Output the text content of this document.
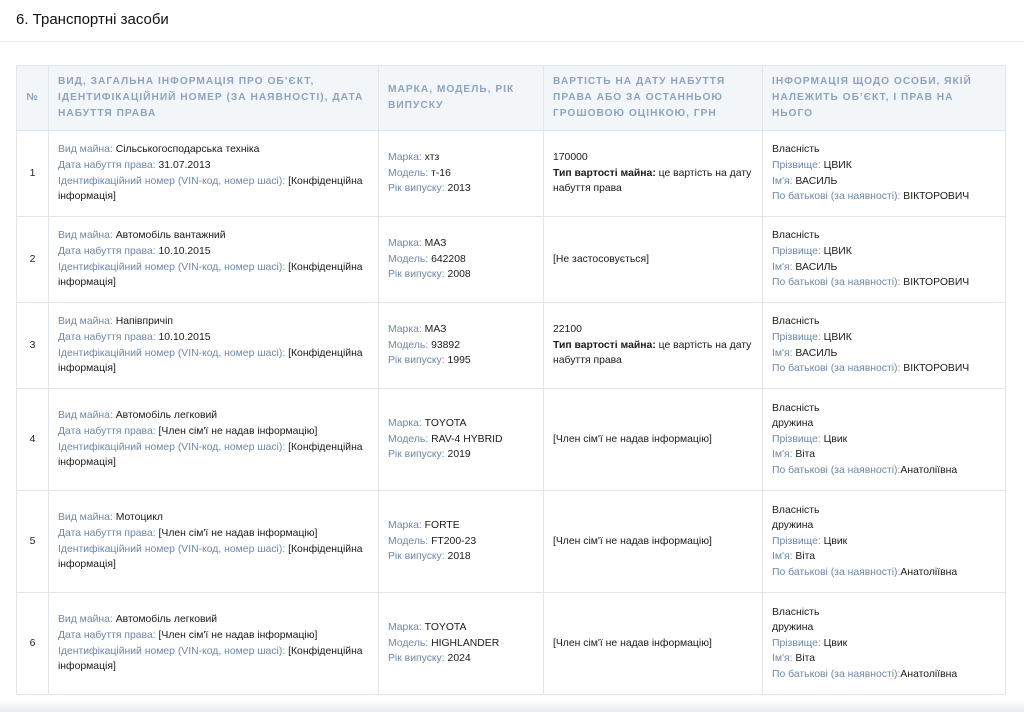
6. Транспортні засоби
№	ВИД, ЗАГАЛЬНА ІНФОРМАЦІЯ ПРО ОБ’ЄКТ, ІДЕНТИФІКАЦІЙНИЙ НОМЕР (ЗА НАЯВНОСТІ), ДАТА НАБУТТЯ ПРАВА	МАРКА, МОДЕЛЬ, РІК ВИПУСКУ	ВАРТІСТЬ НА ДАТУ НАБУТТЯ ПРАВА АБО ЗА ОСТАННЬОЮ ГРОШОВОЮ ОЦІНКОЮ, ГРН	ІНФОРМАЦІЯ ЩОДО ОСОБИ, ЯКІЙ НАЛЕЖИТЬ ОБ’ЄКТ, І ПРАВ НА НЬОГО
1	Вид майна: Сільськогосподарська техніка
Дата набуття права: 31.07.2013
Ідентифікаційний номер (VIN-код, номер шасі): [Конфіденційна інформація]	Марка: хтз
Модель: т-16
Рік випуску: 2013	170000
Тип вартості майна: це вартість на дату набуття права	Власність
Прізвище: ЦВИК
Ім'я: ВАСИЛЬ
По батькові (за наявності): ВІКТОРОВИЧ

2	Вид майна: Автомобіль вантажний
Дата набуття права: 10.10.2015
Ідентифікаційний номер (VIN-код, номер шасі): [Конфіденційна інформація]	Марка: МАЗ
Модель: 642208
Рік випуску: 2008	[Не застосовується]	Власність
Прізвище: ЦВИК
Ім'я: ВАСИЛЬ
По батькові (за наявності): ВІКТОРОВИЧ

3	Вид майна: Напівпричіп
Дата набуття права: 10.10.2015
Ідентифікаційний номер (VIN-код, номер шасі): [Конфіденційна інформація]	Марка: МАЗ
Модель: 93892
Рік випуску: 1995	22100
Тип вартості майна: це вартість на дату набуття права	Власність
Прізвище: ЦВИК
Ім'я: ВАСИЛЬ
По батькові (за наявності): ВІКТОРОВИЧ

4	Вид майна: Автомобіль легковий
Дата набуття права: [Член сім'ї не надав інформацію]
Ідентифікаційний номер (VIN-код, номер шасі): [Конфіденційна інформація]	Марка: TOYOTA
Модель: RAV-4 HYBRID
Рік випуску: 2019	[Член сім'ї не надав інформацію]	Власність
дружина
Прізвище: Цвик
Ім'я: Віта
По батькові (за наявності):Анатоліївна

5	Вид майна: Мотоцикл
Дата набуття права: [Член сім'ї не надав інформацію]
Ідентифікаційний номер (VIN-код, номер шасі): [Конфіденційна інформація]	Марка: FORTE
Модель: FT200-23
Рік випуску: 2018	[Член сім'ї не надав інформацію]	Власність
дружина
Прізвище: Цвик
Ім'я: Віта
По батькові (за наявності):Анатоліївна

6	Вид майна: Автомобіль легковий
Дата набуття права: [Член сім'ї не надав інформацію]
Ідентифікаційний номер (VIN-код, номер шасі): [Конфіденційна інформація]	Марка: TOYOTA
Модель: HIGHLANDER
Рік випуску: 2024	[Член сім'ї не надав інформацію]	Власність
дружина
Прізвище: Цвик
Ім'я: Віта
По батькові (за наявності):Анатоліївна
